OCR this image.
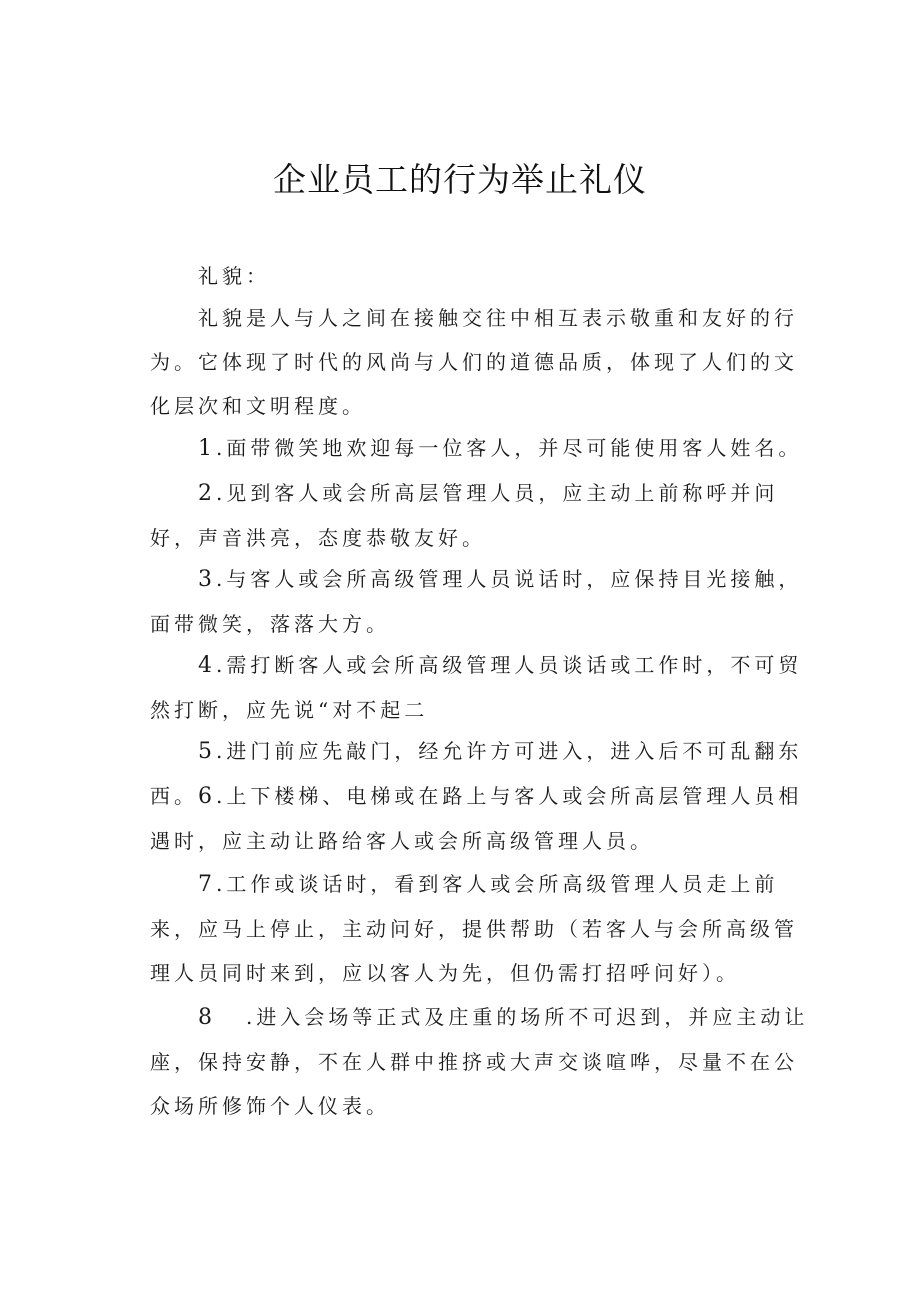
企业员工的行为举止礼仪

礼貌：

礼貌是人与人之间在接触交往中相互表示敬重和友好的行为。它体现了时代的风尚与人们的道德品质，体现了人们的文化层次和文明程度。

1.面带微笑地欢迎每一位客人，并尽可能使用客人姓名。

2.见到客人或会所高层管理人员，应主动上前称呼并问好，声音洪亮，态度恭敬友好。

3.与客人或会所高级管理人员说话时，应保持目光接触，面带微笑，落落大方。

4.需打断客人或会所高级管理人员谈话或工作时，不可贸然打断，应先说“对不起二

5.进门前应先敲门，经允许方可进入，进入后不可乱翻东西。 6.上下楼梯、电梯或在路上与客人或会所高层管理人员相遇时，应主动让路给客人或会所高级管理人员。

7.工作或谈话时，看到客人或会所高级管理人员走上前来，应马上停止，主动问好，提供帮助（若客人与会所高级管理人员同时来到，应以客人为先，但仍需打招呼问好）。

8 .进入会场等正式及庄重的场所不可迟到，并应主动让座，保持安静，不在人群中推挤或大声交谈喧哗，尽量不在公众场所修饰个人仪表。
